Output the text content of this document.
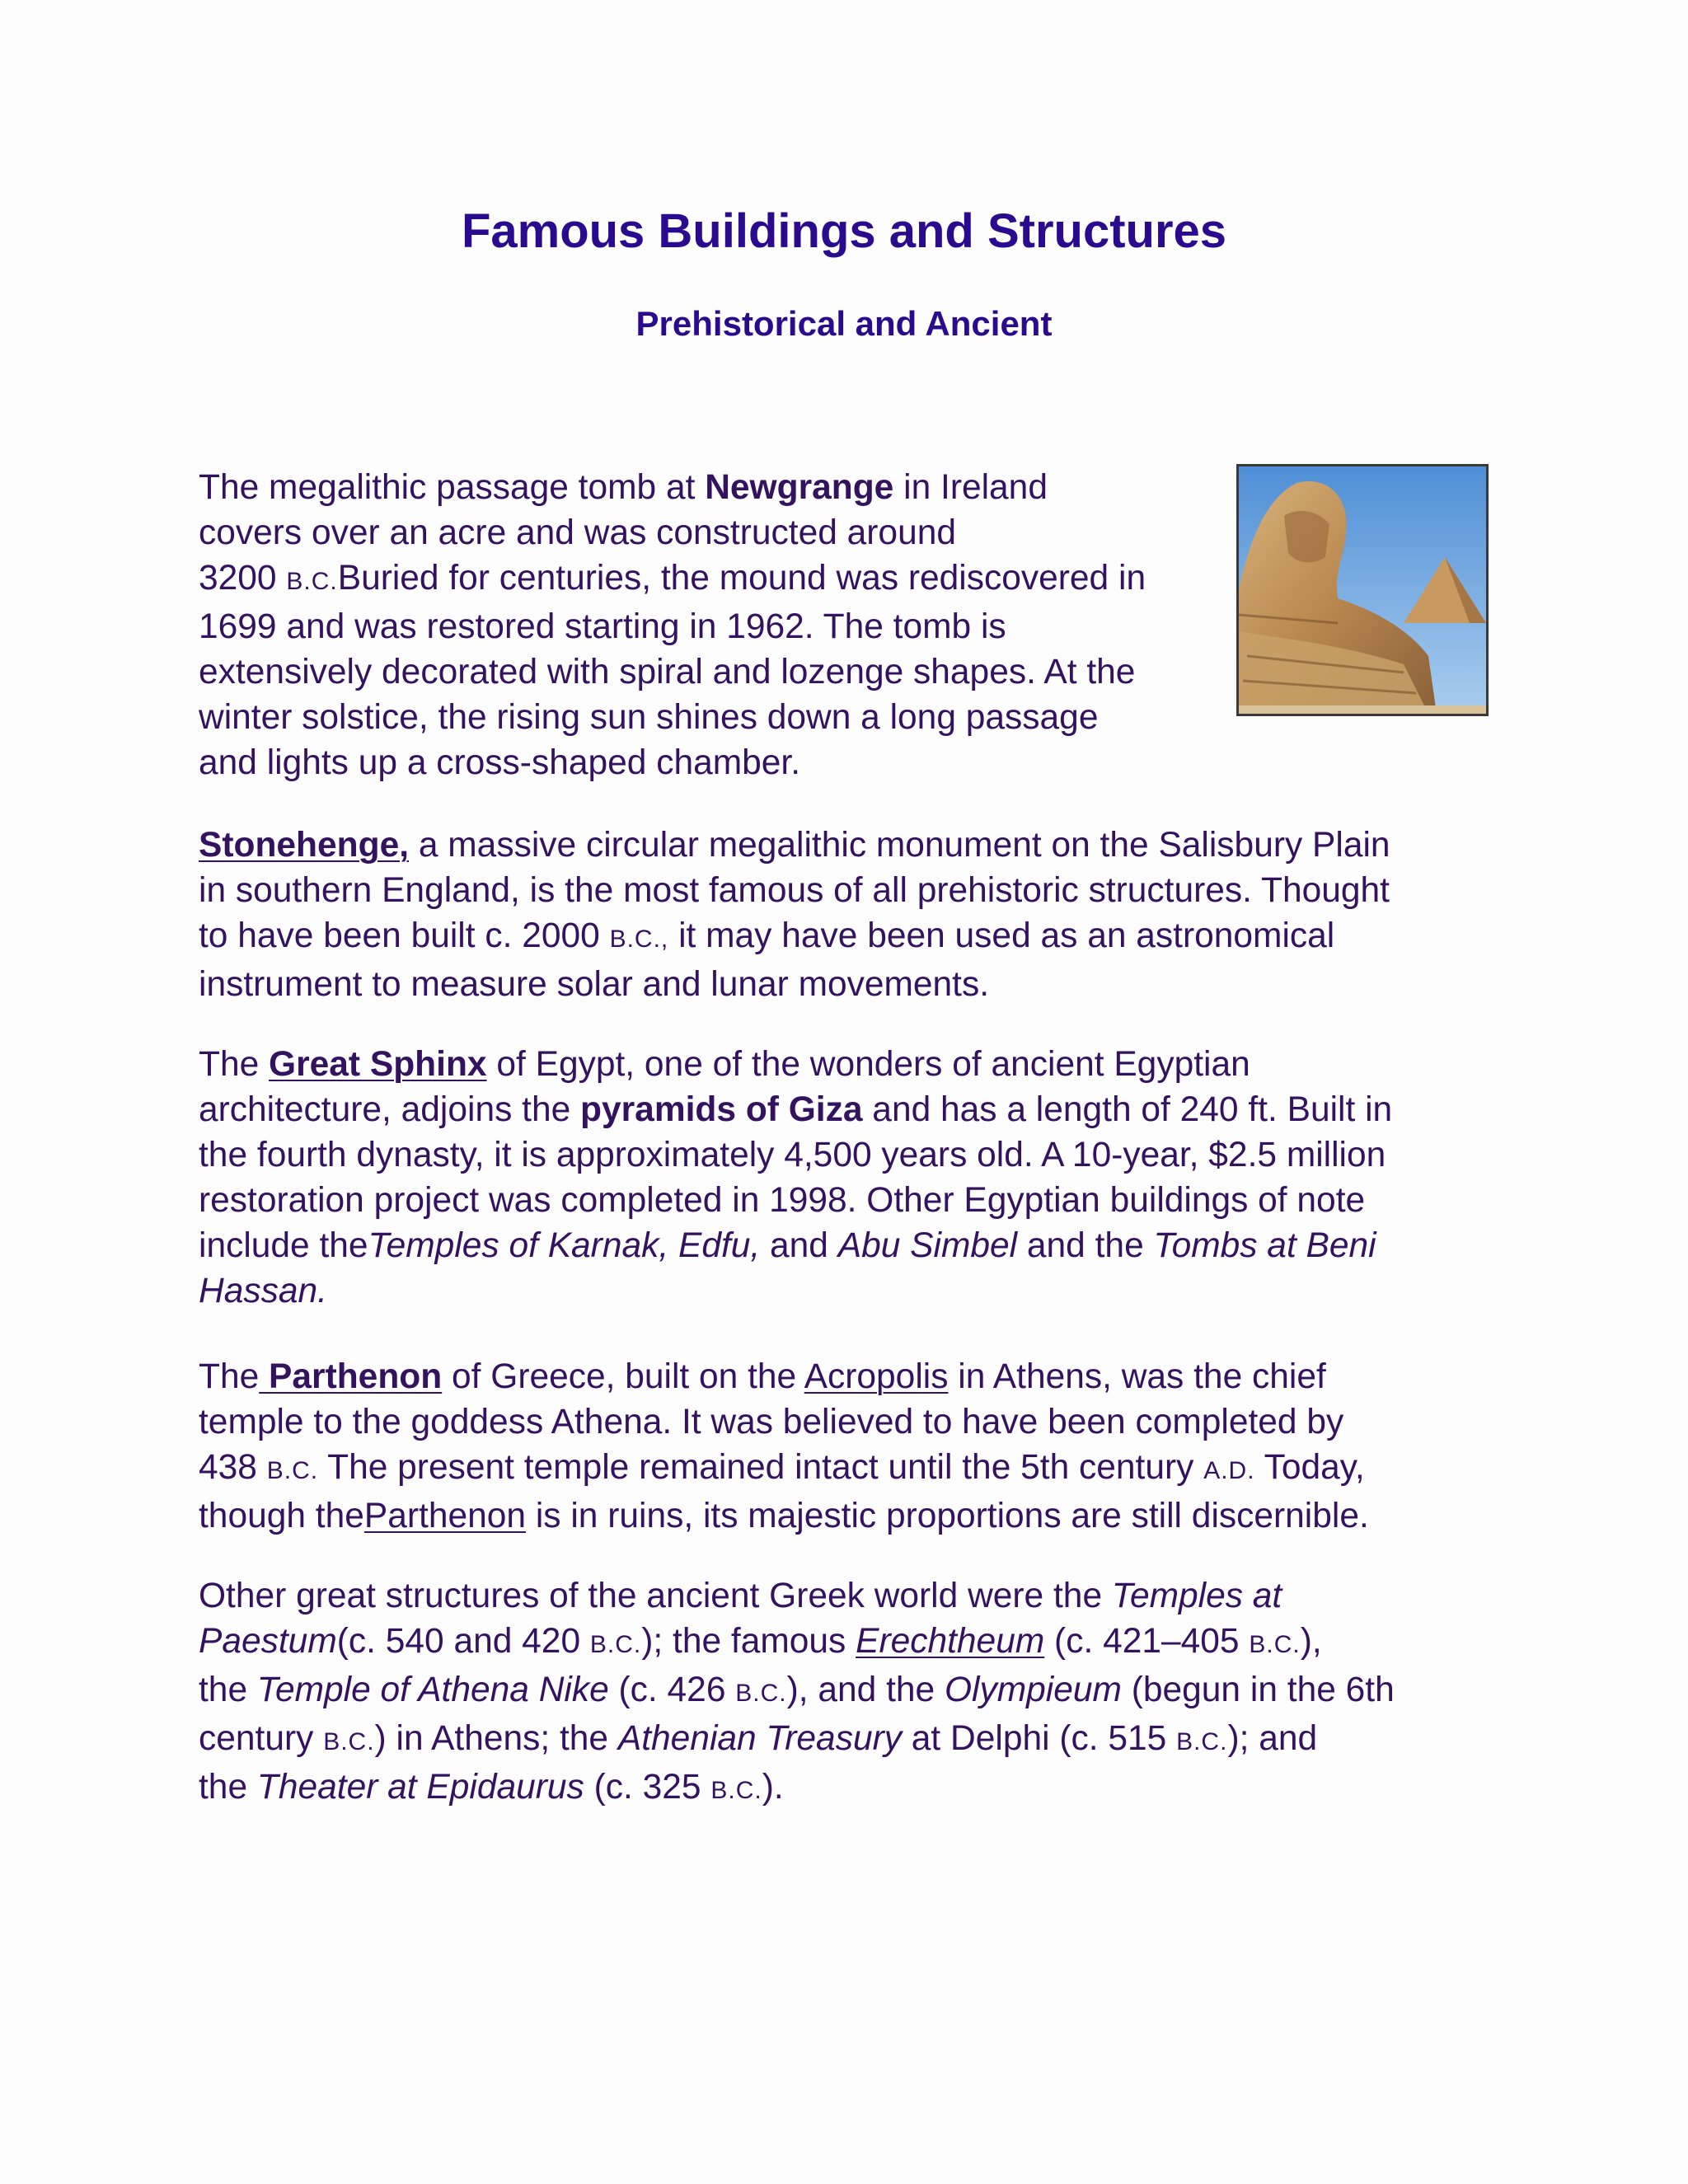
Famous Buildings and Structures
Prehistorical and Ancient

The megalithic passage tomb at Newgrange in Ireland
covers over an acre and was constructed around
3200 B.C.Buried for centuries, the mound was rediscovered in
1699 and was restored starting in 1962. The tomb is
extensively decorated with spiral and lozenge shapes. At the
winter solstice, the rising sun shines down a long passage
and lights up a cross-shaped chamber.

Stonehenge, a massive circular megalithic monument on the Salisbury Plain
in southern England, is the most famous of all prehistoric structures. Thought
to have been built c. 2000 B.C., it may have been used as an astronomical
instrument to measure solar and lunar movements.

The Great Sphinx of Egypt, one of the wonders of ancient Egyptian
architecture, adjoins the pyramids of Giza and has a length of 240 ft. Built in
the fourth dynasty, it is approximately 4,500 years old. A 10-year, $2.5 million
restoration project was completed in 1998. Other Egyptian buildings of note
include theTemples of Karnak, Edfu, and Abu Simbel and the Tombs at Beni
Hassan.

The Parthenon of Greece, built on the Acropolis in Athens, was the chief
temple to the goddess Athena. It was believed to have been completed by
438 B.C. The present temple remained intact until the 5th century A.D. Today,
though theParthenon is in ruins, its majestic proportions are still discernible.

Other great structures of the ancient Greek world were the Temples at
Paestum(c. 540 and 420 B.C.); the famous Erechtheum (c. 421–405 B.C.),
the Temple of Athena Nike (c. 426 B.C.), and the Olympieum (begun in the 6th
century B.C.) in Athens; the Athenian Treasury at Delphi (c. 515 B.C.); and
the Theater at Epidaurus (c. 325 B.C.).
